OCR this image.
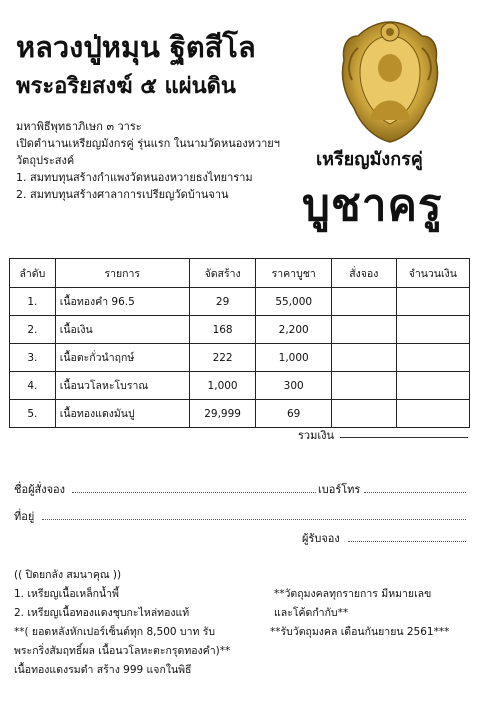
หลวงปู่หมุน ฐิตสีโล
พระอริยสงฆ์ ๕ แผ่นดิน
เหรียญมังกรคู่
บูชาครู
มหาพิธีพุทธาภิเษก ๓ วาระ
เปิดตำนานเหรียญมังกรคู่ รุ่นแรก ในนามวัดหนองหวายฯ
วัตถุประสงค์
1. สมทบทุนสร้างกำแพงวัดหนองหวายธงไทยาราม
2. สมทบทุนสร้างศาลาการเปรียญวัดบ้านจาน
ลำดับ	รายการ	จัดสร้าง	ราคาบูชา	สั่งจอง	จำนวนเงิน
1.	เนื้อทองคำ 96.5	29	55,000		
2.	เนื้อเงิน	168	2,200		
3.	เนื้อตะกั่วนำฤกษ์	222	1,000		
4.	เนื้อนวโลหะโบราณ	1,000	300		
5.	เนื้อทองแดงมันปู	29,999	69		
รวมเงิน
ชื่อผู้สั่งจอง	เบอร์โทร
ที่อยู่
ผู้รับจอง
(( ปิดยกลัง สมนาคุณ ))
1. เหรียญเนื้อเหล็กน้ำพี้
2. เหรียญเนื้อทองแดงชุบกะไหล่ทองแท้
**( ยอดหลังหักเปอร์เซ็นต์ทุก 8,500 บาท รับ
พระกริ่งสัมฤทธิ์ผล เนื้อนวโลหะตะกรุดทองคำ)**
เนื้อทองแดงรมดำ สร้าง 999 แจกในพิธี
**วัตถุมงคลทุกรายการ มีหมายเลข
และโค้ดกำกับ**
**รับวัตถุมงคล เดือนกันยายน 2561***
